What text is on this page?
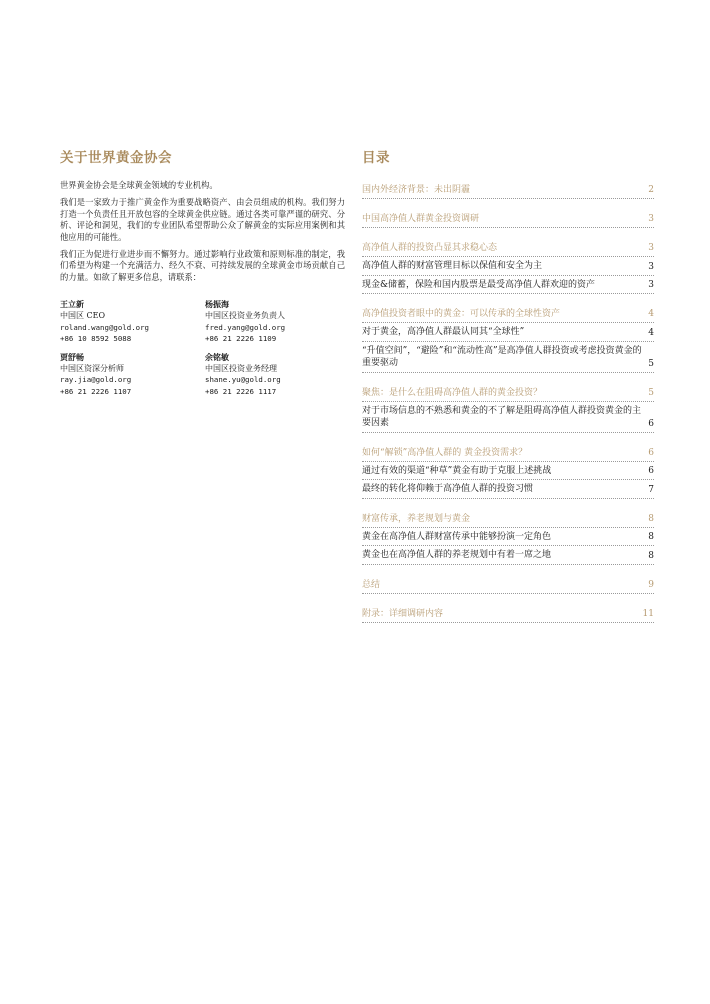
关于世界黄金协会

世界黄金协会是全球黄金领域的专业机构。

我们是一家致力于推广黄金作为重要战略资产、由会员组成的机构。我们努力打造一个负责任且开放包容的全球黄金供应链。通过各类可靠严谨的研究、分析、评论和洞见，我们的专业团队希望帮助公众了解黄金的实际应用案例和其他应用的可能性。

我们正为促进行业进步而不懈努力。通过影响行业政策和原则标准的制定，我们希望为构建一个充满活力、经久不衰、可持续发展的全球黄金市场贡献自己的力量。如欲了解更多信息，请联系：

王立新
中国区 CEO
roland.wang@gold.org
+86 10 8592 5088
杨振海
中国区投资业务负责人
fred.yang@gold.org
+86 21 2226 1109
贾舒畅
中国区资深分析师
ray.jia@gold.org
+86 21 2226 1107
余铭敏
中国区投资业务经理
shane.yu@gold.org
+86 21 2226 1117
目录
国内外经济背景：未出阴霾	2
中国高净值人群黄金投资调研	3
高净值人群的投资凸显其求稳心态	3
高净值人群的财富管理目标以保值和安全为主	3
现金&储蓄，保险和国内股票是最受高净值人群欢迎的资产	3
高净值投资者眼中的黄金：可以传承的全球性资产	4
对于黄金，高净值人群最认同其“全球性”	4
“升值空间”，“避险”和“流动性高”是高净值人群投资或考虑投资黄金的重要驱动	5
聚焦：是什么在阻碍高净值人群的黄金投资？	5
对于市场信息的不熟悉和黄金的不了解是阻碍高净值人群投资黄金的主要因素	6
如何“解锁”高净值人群的 黄金投资需求？	6
通过有效的渠道“种草”黄金有助于克服上述挑战	6
最终的转化将仰赖于高净值人群的投资习惯	7
财富传承，养老规划与黄金	8
黄金在高净值人群财富传承中能够扮演一定角色	8
黄金也在高净值人群的养老规划中有着一席之地	8
总结	9
附录：详细调研内容	11
